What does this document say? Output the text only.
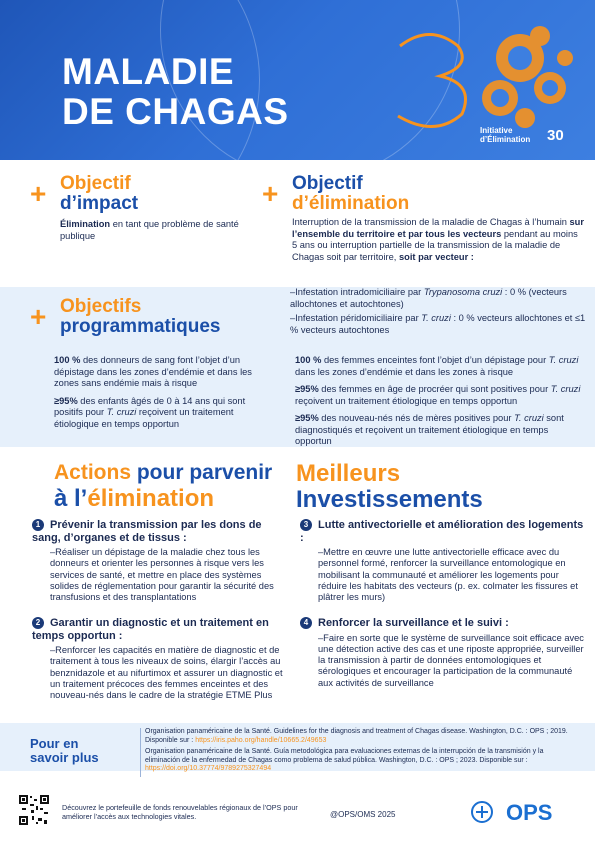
MALADIE
DE CHAGAS	Initiative
d’Élimination 30
+ Objectif
d’impact
Élimination en tant que problème de santé publique
+ Objectif
d’élimination
Interruption de la transmission de la maladie de Chagas à l’humain sur l’ensemble du territoire et par tous les vecteurs pendant au moins 5 ans ou interruption partielle de la transmission de la maladie de Chagas soit par territoire, soit par vecteur :
–Infestation intradomiciliaire par Trypanosoma cruzi : 0 % (vecteurs allochtones et autochtones)
–Infestation péridomiciliaire par T. cruzi : 0 % vecteurs allochtones et ≤1 % vecteurs autochtones
+ Objectifs
programmatiques

100 % des donneurs de sang font l’objet d’un dépistage dans les zones d’endémie et dans les zones sans endémie mais à risque

≥95% des enfants âgés de 0 à 14 ans qui sont positifs pour T. cruzi reçoivent un traitement étiologique en temps opportun

100 % des femmes enceintes font l’objet d’un dépistage pour T. cruzi dans les zones d’endémie et dans les zones à risque

≥95% des femmes en âge de procréer qui sont positives pour T. cruzi reçoivent un traitement étiologique en temps opportun

≥95% des nouveau-nés nés de mères positives pour T. cruzi sont diagnostiqués et reçoivent un traitement étiologique en temps opportun

Actions pour parvenir
à l’élimination
1 Prévenir la transmission par les dons de sang, d’organes et de tissus :
–Réaliser un dépistage de la maladie chez tous les donneurs et orienter les personnes à risque vers les services de santé, et mettre en place des systèmes solides de réglementation pour garantir la sécurité des transfusions et des transplantations
2 Garantir un diagnostic et un traitement en temps opportun :
–Renforcer les capacités en matière de diagnostic et de traitement à tous les niveaux de soins, élargir l’accès au benznidazole et au nifurtimox et assurer un diagnostic et un traitement précoces des femmes enceintes et des nouveau-nés dans le cadre de la stratégie ETME Plus
Meilleurs
Investissements
3 Lutte antivectorielle et amélioration des logements :
–Mettre en œuvre une lutte antivectorielle efficace avec du personnel formé, renforcer la surveillance entomologique en mobilisant la communauté et améliorer les logements pour réduire les habitats des vecteurs (p. ex. colmater les fissures et plâtrer les murs)
4 Renforcer la surveillance et le suivi :
–Faire en sorte que le système de surveillance soit efficace avec une détection active des cas et une riposte appropriée, surveiller la transmission à partir de données entomologiques et sérologiques et encourager la participation de la communauté aux activités de surveillance
Pour en
savoir plus

Organisation panaméricaine de la Santé. Guidelines for the diagnosis and treatment of Chagas disease. Washington, D.C. : OPS ; 2019. Disponible sur : https://iris.paho.org/handle/10665.2/49653

Organisation panaméricaine de la Santé. Guía metodológica para evaluaciones externas de la interrupción de la transmisión y la eliminación de la enfermedad de Chagas como problema de salud pública. Washington, D.C. : OPS ; 2023. Disponible sur : https://doi.org/10.37774/9789275327494

Découvrez le portefeuille de fonds renouvelables régionaux de l’OPS pour améliorer l’accès aux technologies vitales.	@OPS/OMS 2025	OPS
